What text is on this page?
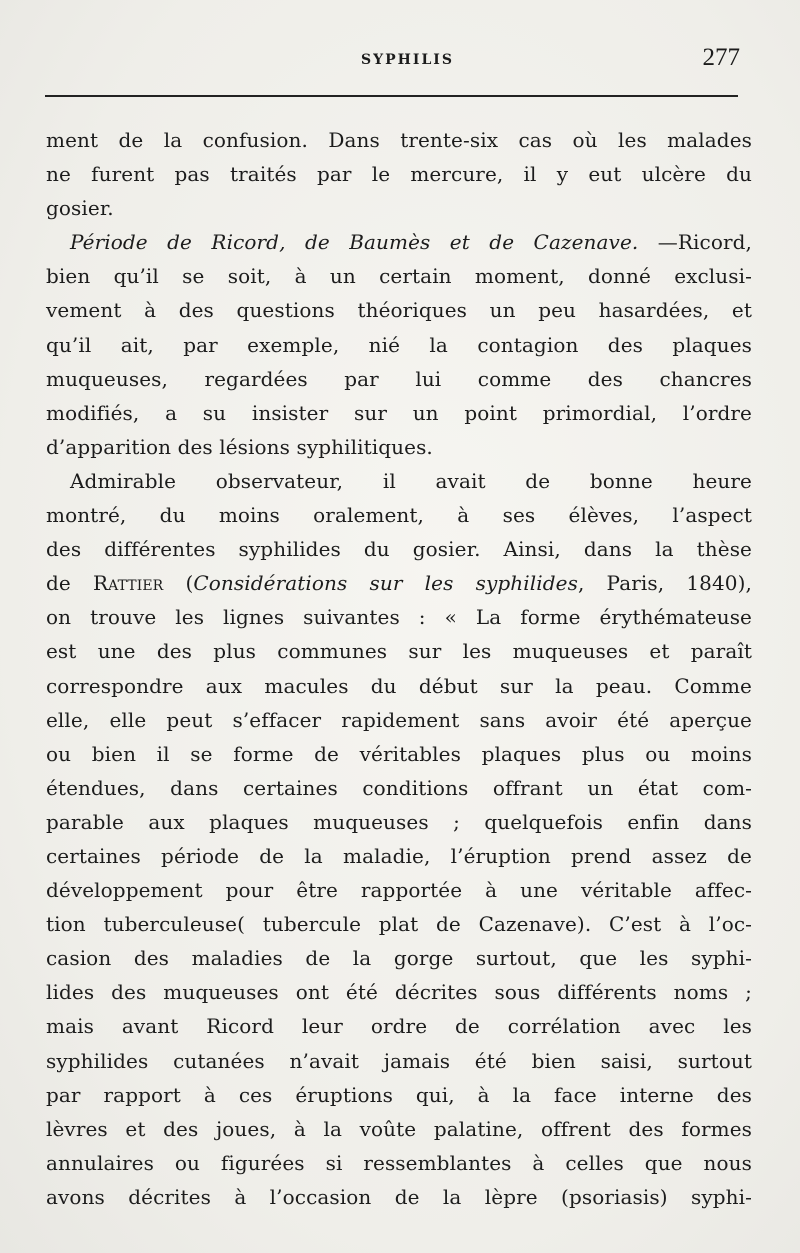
SYPHILIS	277
ment de la confusion. Dans trente-six cas où les malades
ne furent pas traités par le mercure, il y eut ulcère du
gosier.
Période de Ricord, de Baumès et de Cazenave. —Ricord,
bien qu’il se soit, à un certain moment, donné exclusi-
vement à des questions théoriques un peu hasardées, et
qu’il ait, par exemple, nié la contagion des plaques
muqueuses, regardées par lui comme des chancres
modifiés, a su insister sur un point primordial, l’ordre
d’apparition des lésions syphilitiques.
Admirable observateur, il avait de bonne heure
montré, du moins oralement, à ses élèves, l’aspect
des différentes syphilides du gosier. Ainsi, dans la thèse
de Rattier (Considérations sur les syphilides, Paris, 1840),
on trouve les lignes suivantes : « La forme érythémateuse
est une des plus communes sur les muqueuses et paraît
correspondre aux macules du début sur la peau. Comme
elle, elle peut s’effacer rapidement sans avoir été aperçue
ou bien il se forme de véritables plaques plus ou moins
étendues, dans certaines conditions offrant un état com-
parable aux plaques muqueuses ; quelquefois enfin dans
certaines période de la maladie, l’éruption prend assez de
développement pour être rapportée à une véritable affec-
tion tuberculeuse( tubercule plat de Cazenave). C’est à l’oc-
casion des maladies de la gorge surtout, que les syphi-
lides des muqueuses ont été décrites sous différents noms ;
mais avant Ricord leur ordre de corrélation avec les
syphilides cutanées n’avait jamais été bien saisi, surtout
par rapport à ces éruptions qui, à la face interne des
lèvres et des joues, à la voûte palatine, offrent des formes
annulaires ou figurées si ressemblantes à celles que nous
avons décrites à l’occasion de la lèpre (psoriasis) syphi-
